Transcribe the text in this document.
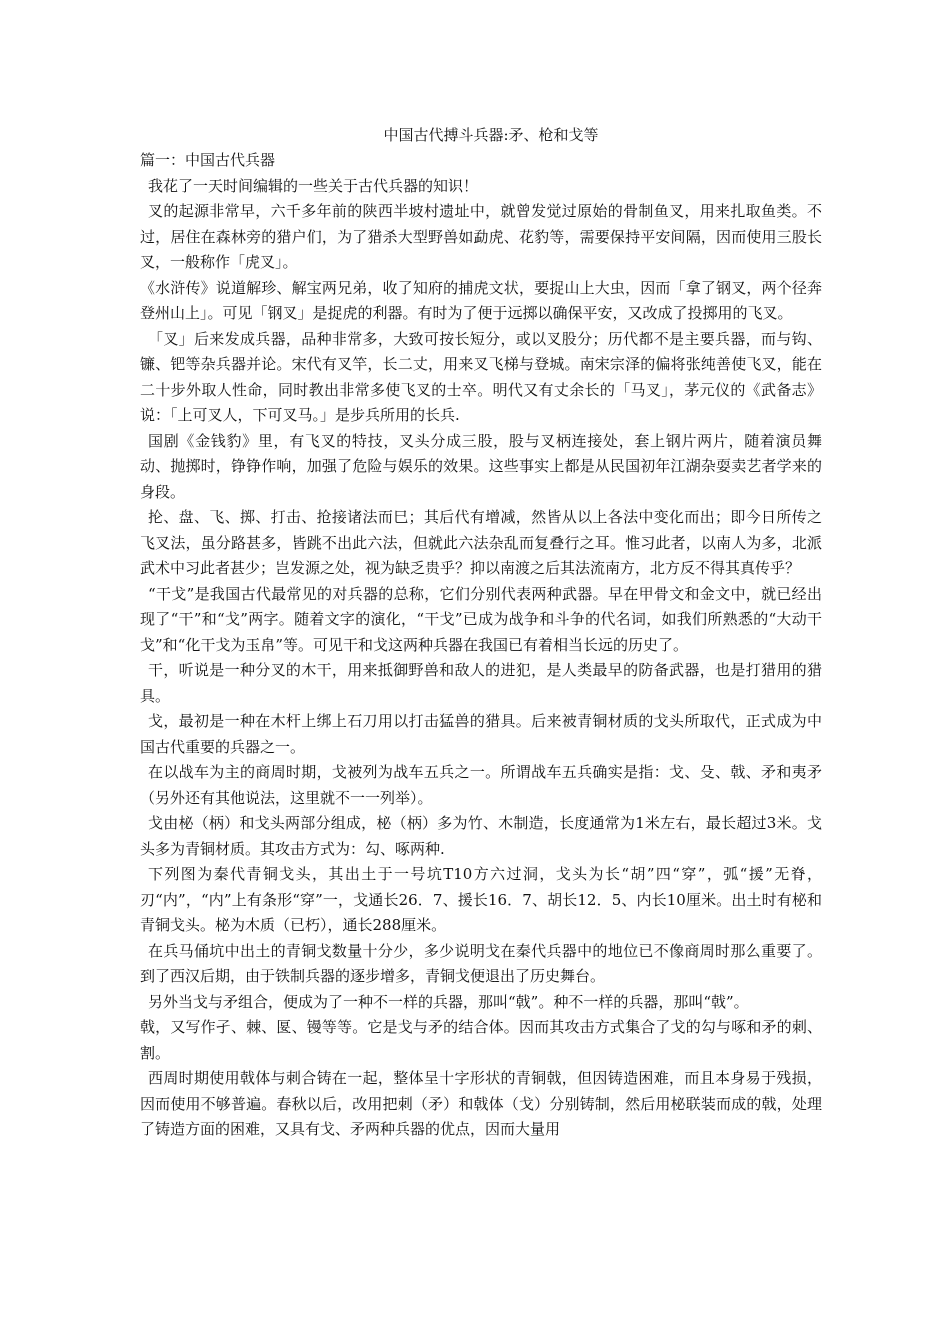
中国古代搏斗兵器:矛、枪和戈等

篇一：中国古代兵器

我花了一天时间编辑的一些关于古代兵器的知识！

叉的起源非常早，六千多年前的陕西半坡村遗址中，就曾发觉过原始的骨制鱼叉，用来扎取鱼类。不过，居住在森林旁的猎户们，为了猎杀大型野兽如勐虎、花豹等，需要保持平安间隔，因而使用三股长叉，一般称作「虎叉」。

《水浒传》说道解珍、解宝两兄弟，收了知府的捕虎文状，要捉山上大虫，因而「拿了钢叉，两个径奔登州山上」。可见「钢叉」是捉虎的利器。有时为了便于远掷以确保平安，又改成了投掷用的飞叉。

「叉」后来发成兵器，品种非常多，大致可按长短分，或以叉股分；历代都不是主要兵器，而与钩、镰、钯等杂兵器并论。宋代有叉竿，长二丈，用来叉飞梯与登城。南宋宗泽的偏将张纯善使飞叉，能在二十步外取人性命，同时教出非常多使飞叉的士卒。明代又有丈余长的「马叉」，茅元仪的《武备志》说：「上可叉人，下可叉马。」是步兵所用的长兵.

国剧《金钱豹》里，有飞叉的特技，叉头分成三股，股与叉柄连接处，套上钢片两片，随着演员舞动、抛掷时，铮铮作响，加强了危险与娱乐的效果。这些事实上都是从民国初年江湖杂耍卖艺者学来的身段。

抡、盘、飞、掷、打击、抢接诸法而巳；其后代有增减，然皆从以上各法中变化而出；即今日所传之飞叉法，虽分路甚多，皆跳不出此六法，但就此六法杂乱而复叠行之耳。惟习此者，以南人为多，北派武术中习此者甚少；岂发源之处，视为缺乏贵乎？抑以南渡之后其法流南方，北方反不得其真传乎？

“干戈”是我国古代最常见的对兵器的总称，它们分别代表两种武器。早在甲骨文和金文中，就已经出现了“干”和“戈”两字。随着文字的演化，“干戈”已成为战争和斗争的代名词，如我们所熟悉的“大动干戈”和“化干戈为玉帛”等。可见干和戈这两种兵器在我国已有着相当长远的历史了。

干，听说是一种分叉的木干，用来抵御野兽和敌人的进犯，是人类最早的防备武器，也是打猎用的猎具。

戈，最初是一种在木杆上绑上石刀用以打击猛兽的猎具。后来被青铜材质的戈头所取代，正式成为中国古代重要的兵器之一。

在以战车为主的商周时期，戈被列为战车五兵之一。所谓战车五兵确实是指：戈、殳、戟、矛和夷矛（另外还有其他说法，这里就不一一列举）。

戈由柲（柄）和戈头两部分组成，柲（柄）多为竹、木制造，长度通常为1米左右，最长超过3米。戈头多为青铜材质。其攻击方式为：勾、啄两种.

下列图为秦代青铜戈头，其出土于一号坑T10方六过洞，戈头为长“胡”四“穿”，弧“援”无脊，刃“内”，“内”上有条形“穿”一，戈通长26．7、援长16．7、胡长12．5、内长10厘米。出土时有柲和青铜戈头。柲为木质（已朽），通长288厘米。

在兵马俑坑中出土的青铜戈数量十分少，多少说明戈在秦代兵器中的地位已不像商周时那么重要了。到了西汉后期，由于铁制兵器的逐步增多，青铜戈便退出了历史舞台。

另外当戈与矛组合，便成为了一种不一样的兵器，那叫“戟”。种不一样的兵器，那叫“戟”。

戟，又写作孑、棘、匽、镘等等。它是戈与矛的结合体。因而其攻击方式集合了戈的勾与啄和矛的刺、割。

西周时期使用戟体与刺合铸在一起，整体呈十字形状的青铜戟，但因铸造困难，而且本身易于残损，因而使用不够普遍。春秋以后，改用把刺（矛）和戟体（戈）分别铸制，然后用柲联装而成的戟，处理了铸造方面的困难，又具有戈、矛两种兵器的优点，因而大量用
